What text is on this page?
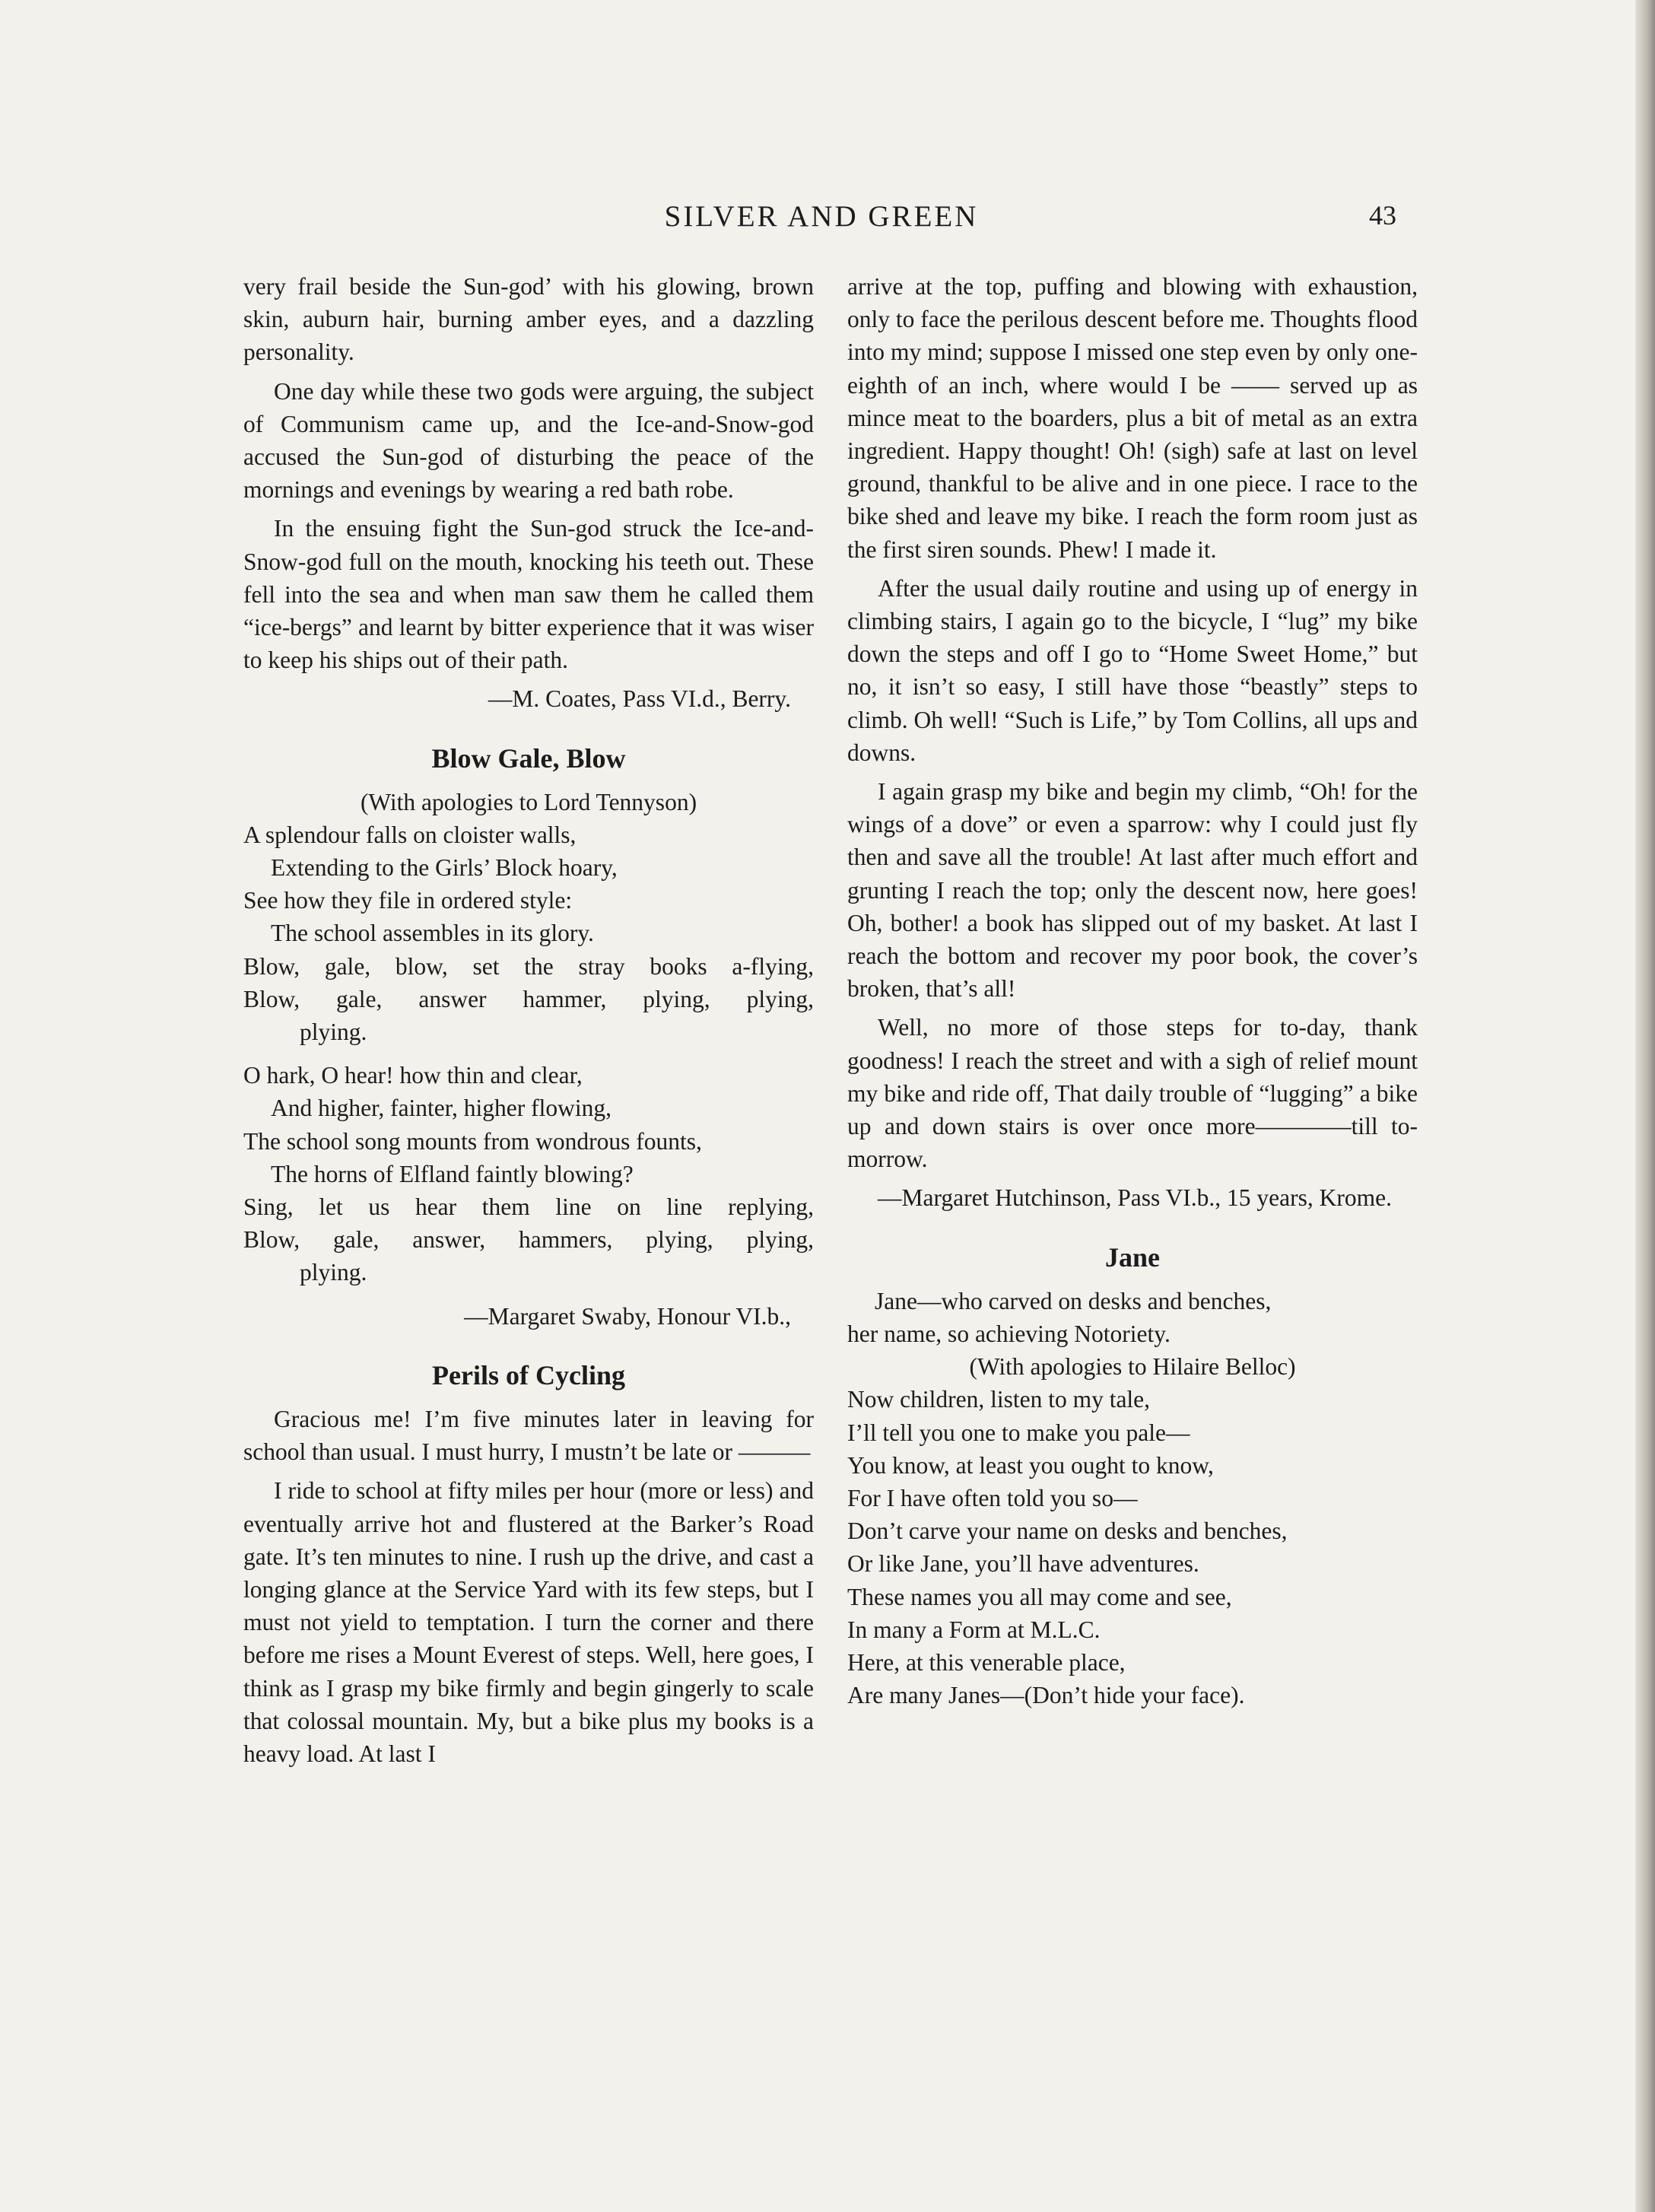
SILVER AND GREEN	43

very frail beside the Sun-god’ with his glowing, brown skin, auburn hair, burning amber eyes, and a dazzling personality.

One day while these two gods were arguing, the subject of Communism came up, and the Ice-and-Snow-god accused the Sun-god of disturbing the peace of the mornings and evenings by wearing a red bath robe.

In the ensuing fight the Sun-god struck the Ice-and-Snow-god full on the mouth, knocking his teeth out. These fell into the sea and when man saw them he called them “ice-bergs” and learnt by bitter experience that it was wiser to keep his ships out of their path.

—M. Coates, Pass VI.d., Berry.

Blow Gale, Blow

(With apologies to Lord Tennyson)

A splendour falls on cloister walls,
Extending to the Girls’ Block hoary,
See how they file in ordered style:
The school assembles in its glory.
Blow, gale, blow, set the stray books a-flying,
Blow, gale, answer hammer, plying, plying,
plying.
O hark, O hear! how thin and clear,
And higher, fainter, higher flowing,
The school song mounts from wondrous founts,
The horns of Elfland faintly blowing?
Sing, let us hear them line on line replying,
Blow, gale, answer, hammers, plying, plying,
plying.

—Margaret Swaby, Honour VI.b.,

Perils of Cycling

Gracious me! I’m five minutes later in leaving for school than usual. I must hurry, I mustn’t be late or ———

I ride to school at fifty miles per hour (more or less) and eventually arrive hot and flustered at the Barker’s Road gate. It’s ten minutes to nine. I rush up the drive, and cast a longing glance at the Service Yard with its few steps, but I must not yield to temptation. I turn the corner and there before me rises a Mount Everest of steps. Well, here goes, I think as I grasp my bike firmly and begin gingerly to scale that colossal mountain. My, but a bike plus my books is a heavy load. At last I

arrive at the top, puffing and blowing with exhaustion, only to face the perilous descent before me. Thoughts flood into my mind; suppose I missed one step even by only one-eighth of an inch, where would I be —— served up as mince meat to the boarders, plus a bit of metal as an extra ingredient. Happy thought! Oh! (sigh) safe at last on level ground, thankful to be alive and in one piece. I race to the bike shed and leave my bike. I reach the form room just as the first siren sounds. Phew! I made it.

After the usual daily routine and using up of energy in climbing stairs, I again go to the bicycle, I “lug” my bike down the steps and off I go to “Home Sweet Home,” but no, it isn’t so easy, I still have those “beastly” steps to climb. Oh well! “Such is Life,” by Tom Collins, all ups and downs.

I again grasp my bike and begin my climb, “Oh! for the wings of a dove” or even a sparrow: why I could just fly then and save all the trouble! At last after much effort and grunting I reach the top; only the descent now, here goes! Oh, bother! a book has slipped out of my basket. At last I reach the bottom and recover my poor book, the cover’s broken, that’s all!

Well, no more of those steps for to-day, thank goodness! I reach the street and with a sigh of relief mount my bike and ride off, That daily trouble of “lugging” a bike up and down stairs is over once more————till tomorrow.

—Margaret Hutchinson, Pass VI.b., 15 years, Krome.

Jane
Jane—who carved on desks and benches,
her name, so achieving Notoriety.

(With apologies to Hilaire Belloc)

Now children, listen to my tale,
I’ll tell you one to make you pale—
You know, at least you ought to know,
For I have often told you so—
Don’t carve your name on desks and benches,
Or like Jane, you’ll have adventures.
These names you all may come and see,
In many a Form at M.L.C.
Here, at this venerable place,
Are many Janes—(Don’t hide your face).
